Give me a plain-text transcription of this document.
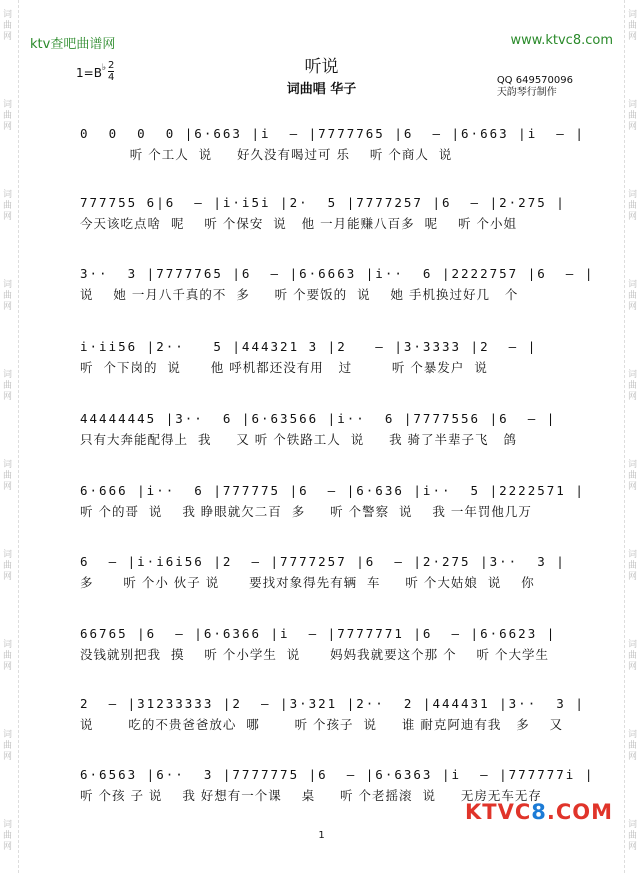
词
曲
网
词
曲
网
词
曲
网
词
曲
网
词
曲
网
词
曲
网
词
曲
网
词
曲
网
词
曲
网
词
曲
网
词
曲
网
词
曲
网
词
曲
网
词
曲
网
词
曲
网
词
曲
网
词
曲
网
词
曲
网
词
曲
网
词
曲
网
ktv查吧曲谱网	www.ktvc8.com
听说
词曲唱 华子
1=B♭ 2
4	QQ 649570096
天韵琴行制作
0  0  0  0 |6·663 |i  – |7777765 |6  – |6·663 |i  – |
听 个工人  说     好久没有喝过可 乐    听 个商人  说
777755 6|6  – |i·i5i |2·  5 |7777257 |6  – |2·275 |
今天该吃点啥  呢    听 个保安  说   他 一月能赚八百多  呢    听 个小姐
3··  3 |7777765 |6  – |6·6663 |i··  6 |2222757 |6  – |
说    她 一月八千真的不  多     听 个要饭的  说    她 手机换过好几   个
i·ii56 |2··   5 |444321 3 |2   – |3·3333 |2  – |
听  个下岗的  说      他 呼机都还没有用   过        听 个暴发户  说
44444445 |3··  6 |6·63566 |i··  6 |7777556 |6  – |
只有大奔能配得上  我     又 听 个铁路工人  说     我 骑了半辈子飞   鸽
6·666 |i··  6 |777775 |6  – |6·636 |i··  5 |2222571 |
听 个的哥  说    我 睁眼就欠二百  多     听 个警察  说    我 一年罚他几万
6  – |i·i6i56 |2  – |7777257 |6  – |2·275 |3··  3 |
多      听 个小 伙子 说      要找对象得先有辆  车     听 个大姑娘  说    你
66765 |6  – |6·6366 |i  – |7777771 |6  – |6·6623 |
没钱就别把我  摸    听 个小学生  说      妈妈我就要这个那 个    听 个大学生
2  – |31233333 |2  – |3·321 |2··  2 |444431 |3··  3 |
说       吃的不贵爸爸放心  哪       听 个孩子  说     谁 耐克阿迪有我   多    又
6·6563 |6··  3 |7777775 |6  – |6·6363 |i  – |777777i |
听 个孩 子 说    我 好想有一个课    桌     听 个老摇滚  说     无房无车无存
1
KTVC8.COM
